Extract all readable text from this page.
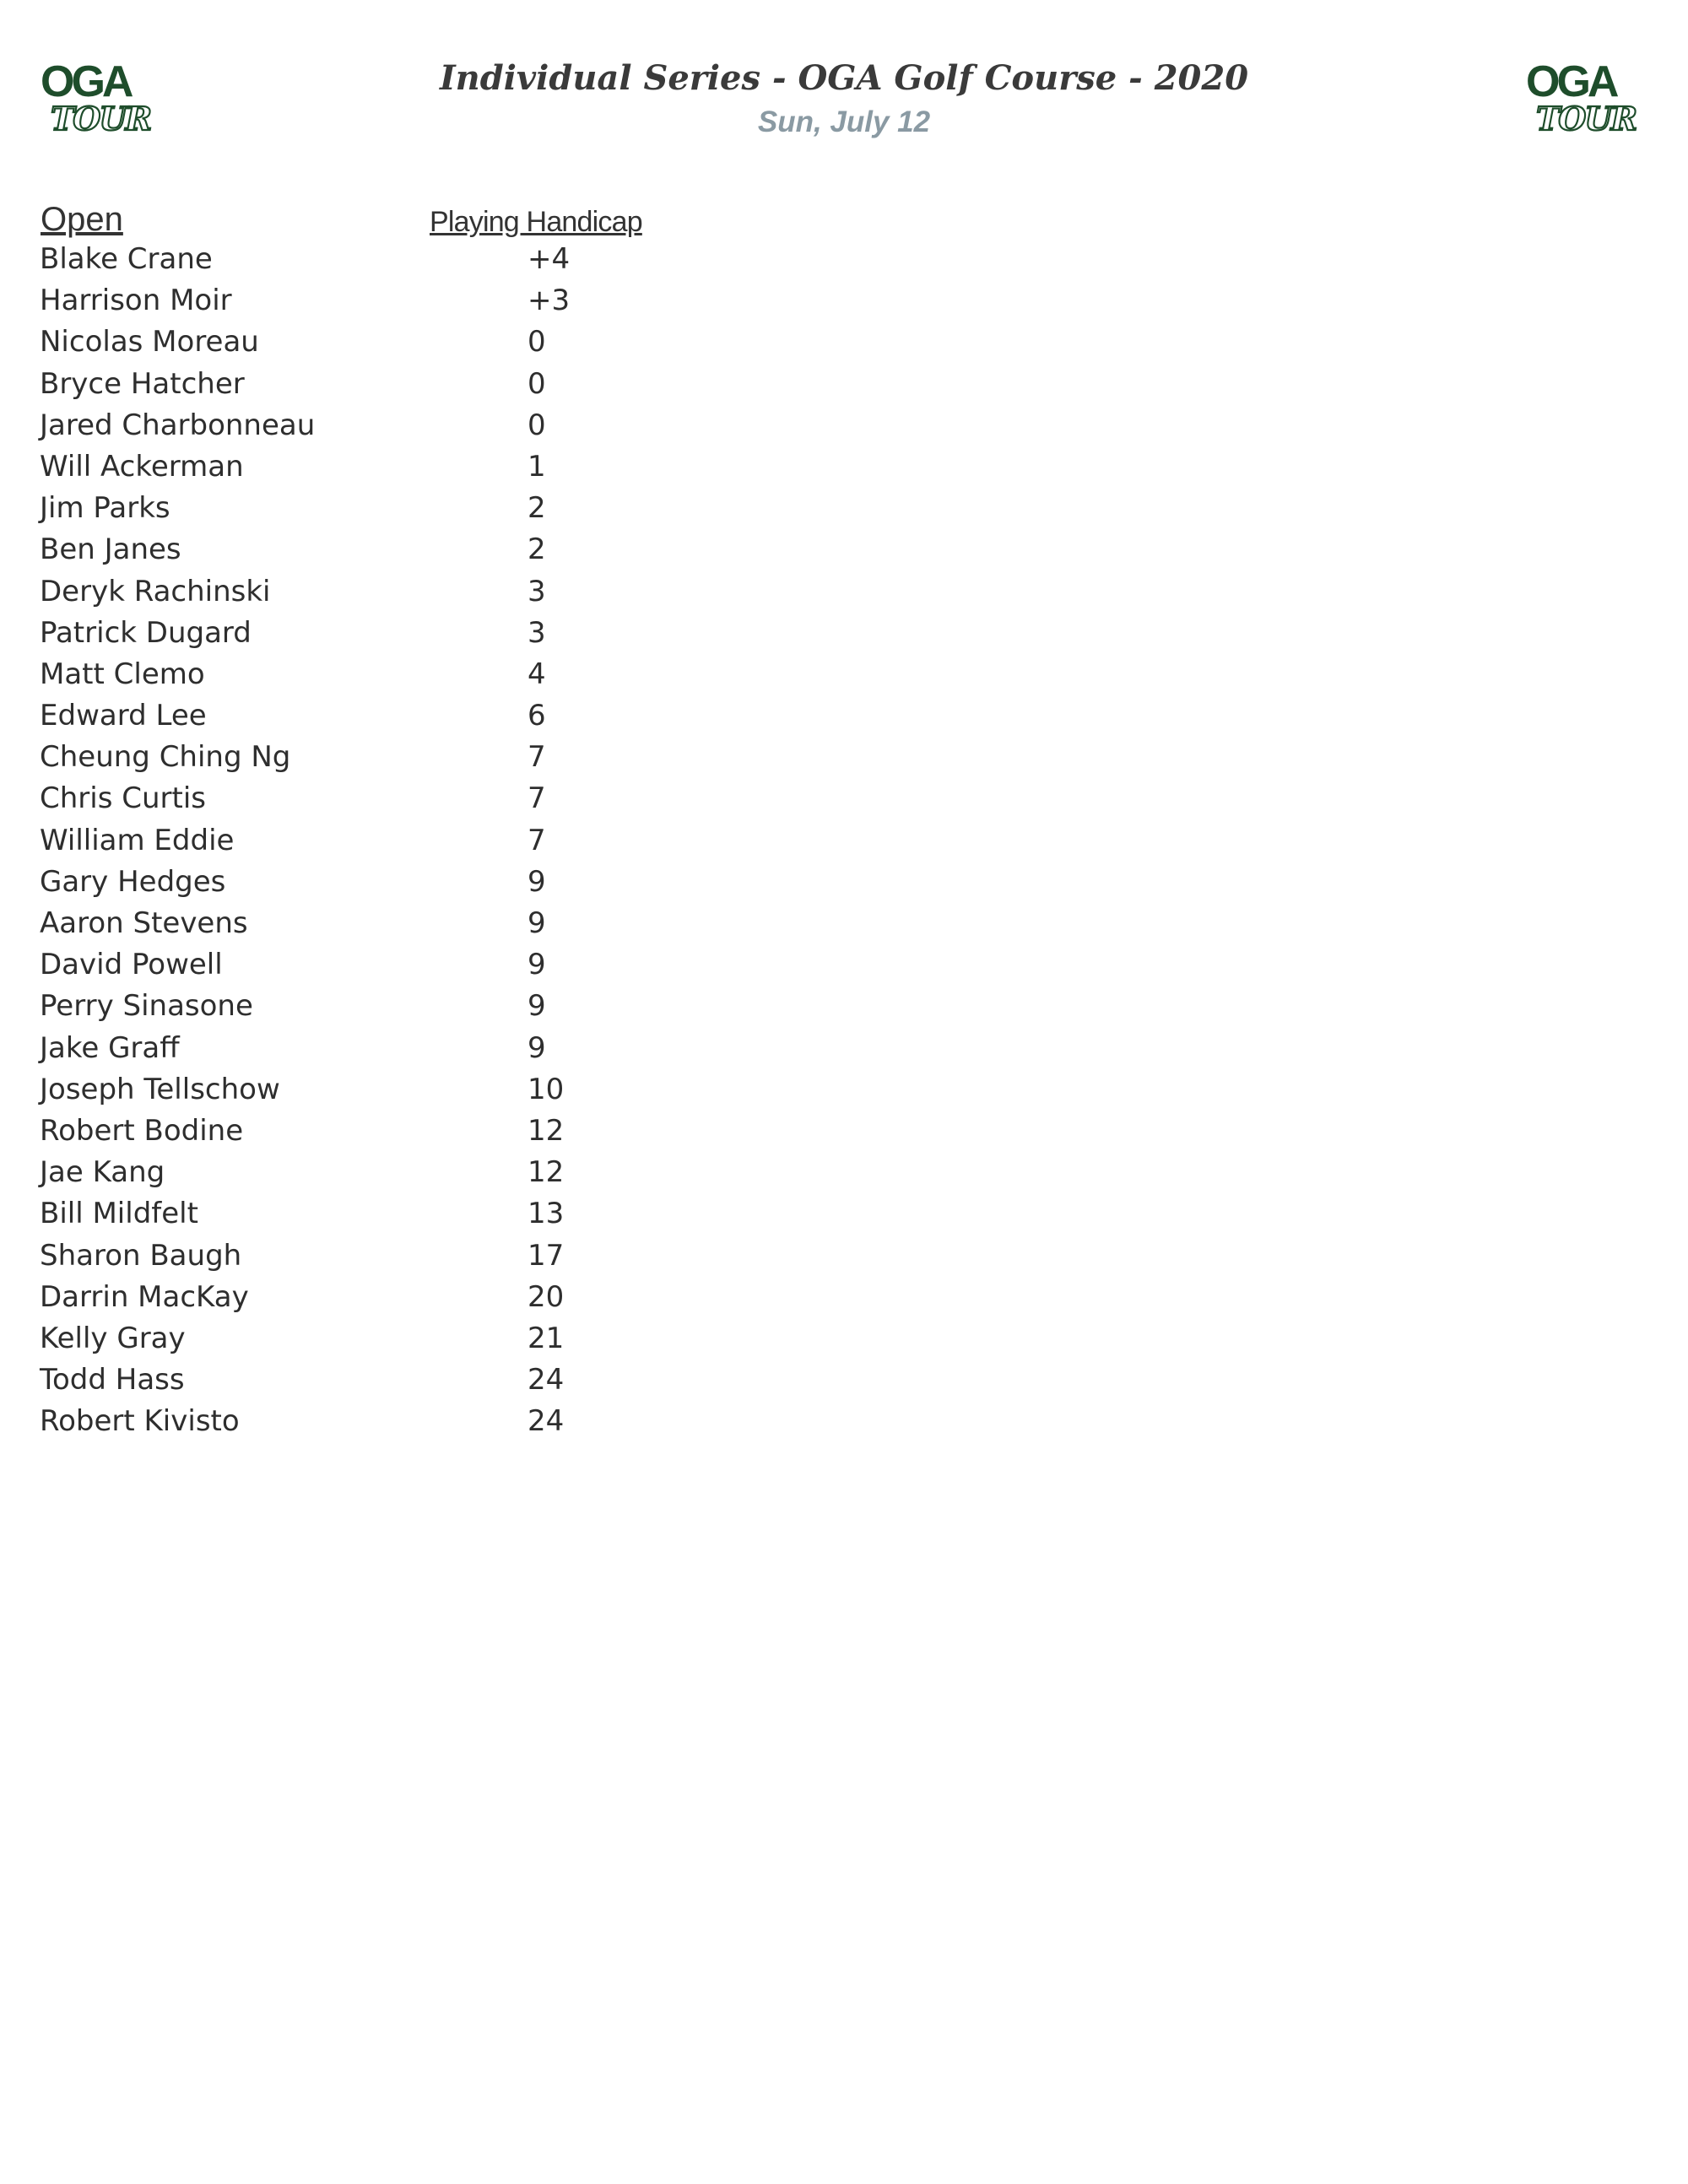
OGA
TOUR
OGA
TOUR
Individual Series - OGA Golf Course - 2020
Sun, July 12
Open	Playing Handicap
Blake Crane	+4
Harrison Moir	+3
Nicolas Moreau	0
Bryce Hatcher	0
Jared Charbonneau	0
Will Ackerman	1
Jim Parks	2
Ben Janes	2
Deryk Rachinski	3
Patrick Dugard	3
Matt Clemo	4
Edward Lee	6
Cheung Ching Ng	7
Chris Curtis	7
William Eddie	7
Gary Hedges	9
Aaron Stevens	9
David Powell	9
Perry Sinasone	9
Jake Graff	9
Joseph Tellschow	10
Robert Bodine	12
Jae Kang	12
Bill Mildfelt	13
Sharon Baugh	17
Darrin MacKay	20
Kelly Gray	21
Todd Hass	24
Robert Kivisto	24
